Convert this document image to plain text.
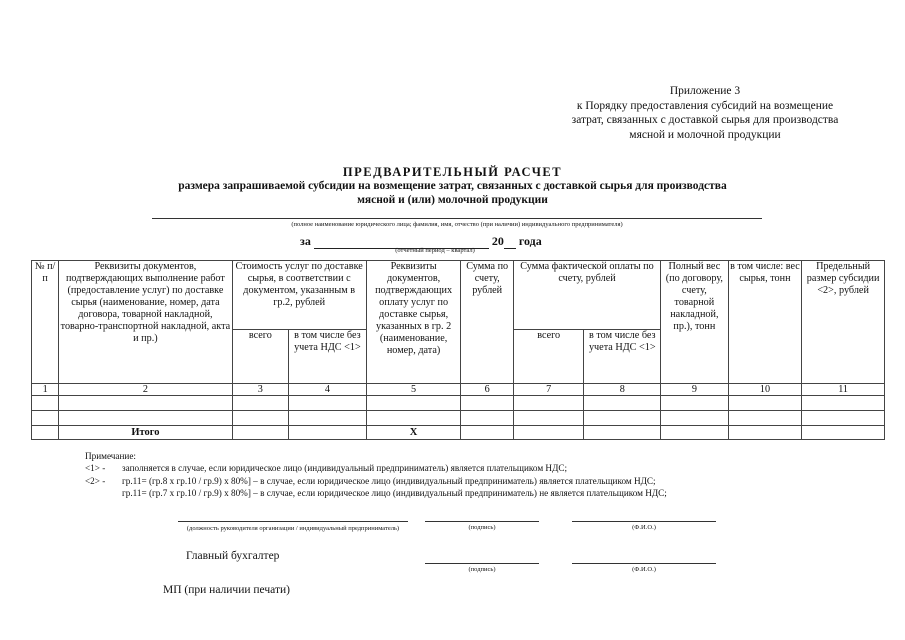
Приложение 3
к Порядку предоставления субсидий на возмещение
затрат, связанных с доставкой сырья для производства
мясной и молочной продукции
ПРЕДВАРИТЕЛЬНЫЙ РАСЧЕТ
размера запрашиваемой субсидии на возмещение затрат, связанных с доставкой сырья для производства
мясной и (или) молочной продукции
(полное наименование юридического лица; фамилия, имя, отчество (при наличии) индивидуального предпринимателя)
за	20 года
(отчетный период – квартал)
№ п/п	Реквизиты документов, подтверждающих выполнение работ (предоставление услуг) по доставке сырья (наименование, номер, дата договора, товарной накладной, товарно-транспортной накладной, акта и пр.)	Стоимость услуг по доставке сырья, в соответствии с документом, указанным в гр.2, рублей		Реквизиты документов, подтверждающих оплату услуг по доставке сырья, указанных в гр. 2 (наименование, номер, дата)	Сумма по счету, рублей	Сумма фактической оплаты по счету, рублей		Полный вес (по договору, счету, товарной накладной, пр.), тонн	в том числе: вес сырья, тонн	Предельный размер субсидии <2>, рублей
		всего	в том числе без учета НДС <1>			всего	в том числе без учета НДС <1>			
1	2	3	4	5	6	7	8	9	10	11

	Итого			X						
Примечание:
<1> - заполняется в случае, если юридическое лицо (индивидуальный предприниматель) является плательщиком НДС;
<2> - гр.11= (гр.8 x гр.10 / гр.9) x 80%] – в случае, если юридическое лицо (индивидуальный предприниматель) является плательщиком НДС;
гр.11= (гр.7 x гр.10 / гр.9) x 80%] – в случае, если юридическое лицо (индивидуальный предприниматель) не является плательщиком НДС;
(должность руководителя организации / индивидуальный предприниматель)	(подпись)	(Ф.И.О.)
Главный бухгалтер
(подпись)	(Ф.И.О.)
МП (при наличии печати)
